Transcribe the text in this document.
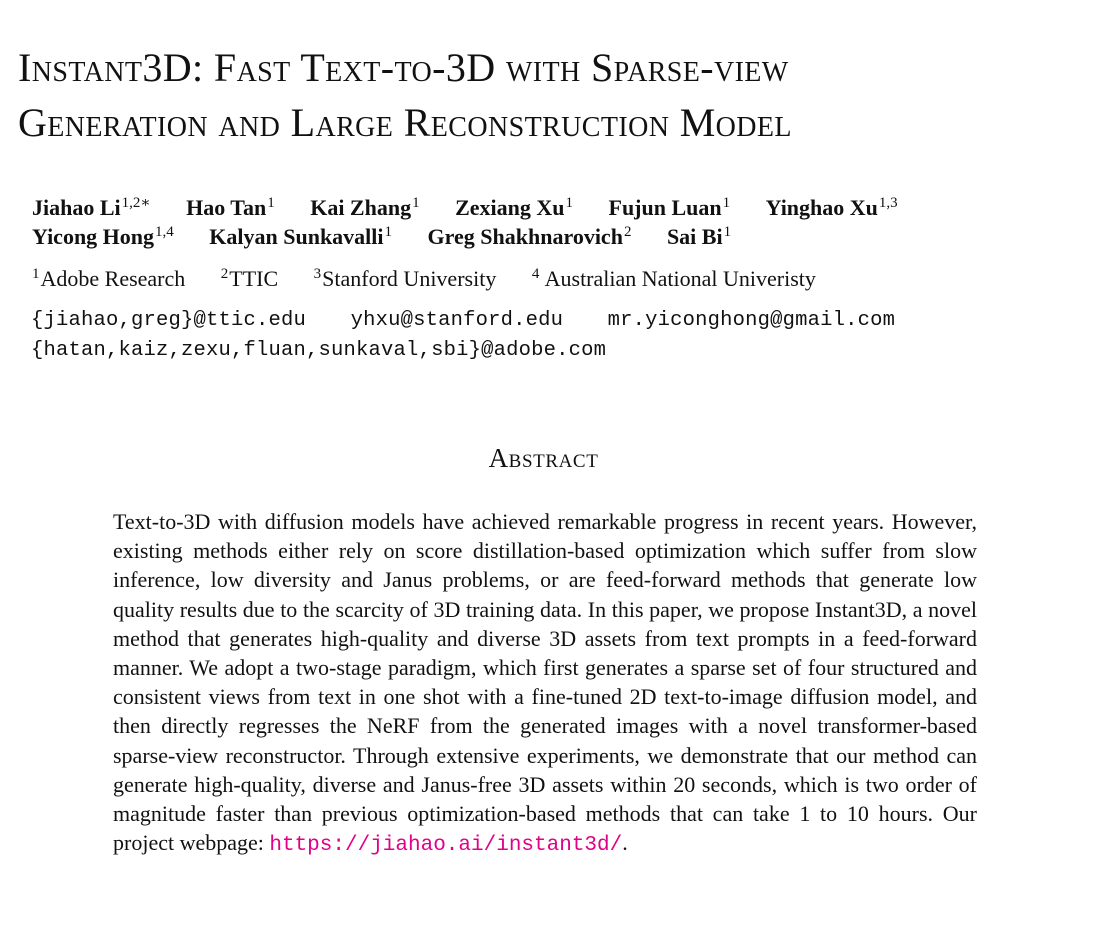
Instant3D: Fast Text-to-3D with Sparse-view
Generation and Large Reconstruction Model
Jiahao $Li^{1,2∗}$ Hao Tan$^1$ Kai Zhang$^1$ Zexiang Xu$^1$ Fujun Luan$^1$ Yinghao Xu$^{1,3}$
Yicong Hong$^{1,4}$ Kalyan Sunkavalli$^1$ Greg Shakhnarovich$^2$ Sai Bi$^1$
$^1$Adobe Research $^2$TTIC $^3$Stanford University $^4$ Australian National Univeristy
{jiahao,greg}@ttic.edu yhxu@stanford.edu mr.yiconghong@gmail.com
{hatan,kaiz,zexu,fluan,sunkaval,sbi}@adobe.com
Abstract

Text-to-3D with diffusion models have achieved remarkable progress in recent years. However, existing methods either rely on score distillation-based optimization which suffer from slow inference, low diversity and Janus problems, or are feed-forward methods that generate low quality results due to the scarcity of 3D training data. In this paper, we propose Instant3D, a novel method that generates high-quality and diverse 3D assets from text prompts in a feed-forward manner. We adopt a two-stage paradigm, which first generates a sparse set of four structured and consistent views from text in one shot with a fine-tuned 2D text-to-image diffusion model, and then directly regresses the NeRF from the generated images with a novel transformer-based sparse-view reconstructor. Through extensive experiments, we demonstrate that our method can generate high-quality, diverse and Janus-free 3D assets within 20 seconds, which is two order of magnitude faster than previous optimization-based methods that can take 1 to 10 hours. Our project webpage: https://jiahao.ai/instant3d/.
